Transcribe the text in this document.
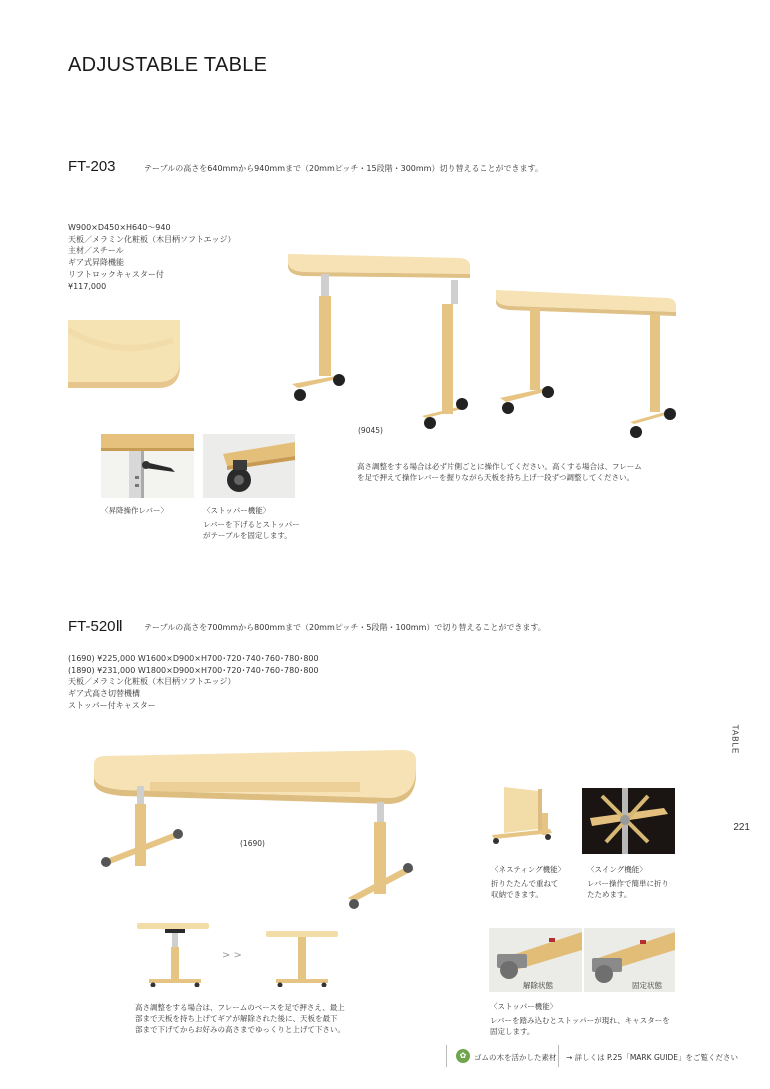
ADJUSTABLE TABLE
FT-203	テーブルの高さを640mmから940mmまで（20mmピッチ・15段階・300mm）切り替えることができます。
W900×D450×H640〜940
天板／メラミン化粧板（木目柄ソフトエッジ）
主材／スチール
ギア式昇降機能
リフトロックキャスター付
¥117,000
〈昇降操作レバー〉	〈ストッパー機能〉
レバーを下げるとストッパー
がテーブルを固定します。
(9045)
高さ調整をする場合は必ず片側ごとに操作してください。高くする場合は、フレーム
を足で押えて操作レバーを握りながら天板を持ち上げ一段ずつ調整してください。
FT-520Ⅱ	テーブルの高さを700mmから800mmまで（20mmピッチ・5段階・100mm）で切り替えることができます。
(1690) ¥225,000 W1600×D900×H700･720･740･760･780･800
(1890) ¥231,000 W1800×D900×H700･720･740･760･780･800
天板／メラミン化粧板（木目柄ソフトエッジ）
ギア式高さ切替機構
ストッパー付キャスター
(1690)
〈ネスティング機能〉
折りたたんで重ねて
収納できます。
〈スイング機能〉
レバー操作で簡単に折り
たためます。
> >
高さ調整をする場合は、フレームのベースを足で押さえ、最上
部まで天板を持ち上げてギアが解除された後に、天板を最下
部まで下げてからお好みの高さまでゆっくりと上げて下さい。
解除状態	固定状態
〈ストッパー機能〉
レバーを踏み込むとストッパーが現れ、キャスターを
固定します。
TABLE
221
✿	ゴムの木を活かした素材 → 詳しくは P.25「MARK GUIDE」をご覧ください
